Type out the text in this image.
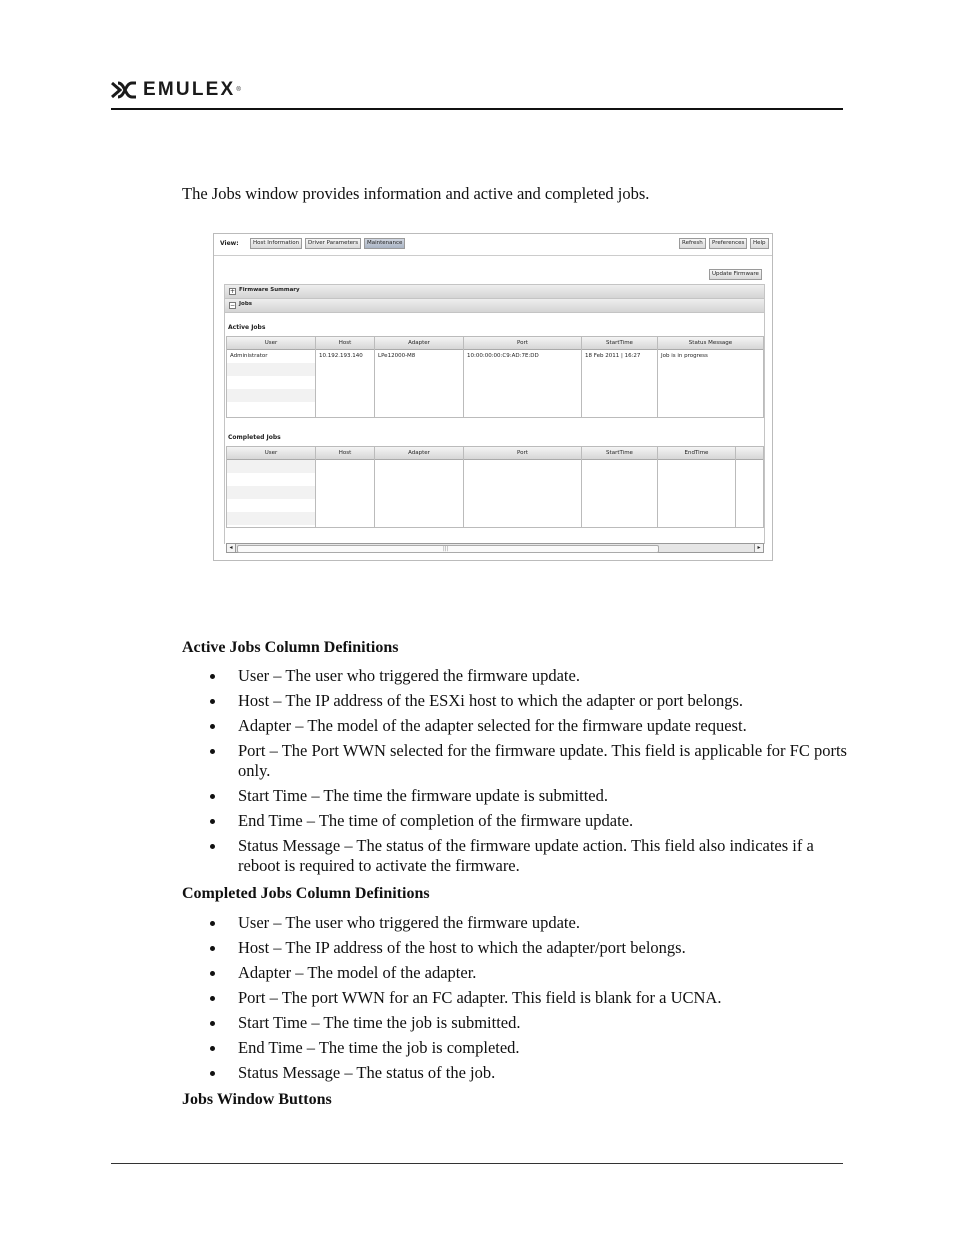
EMULEX ®
The Jobs window provides information and active and completed jobs.
View:	Host Information	Driver Parameters	Maintenance	Refresh	Preferences	Help
Update Firmware
+ Firmware Summary
− Jobs
Active Jobs
User	Host	Adapter	Port	StartTime	Status Message
Administrator	10.192.193.140	LPe12000-M8	10:00:00:00:C9:AD:7E:DD	18 Feb 2011 | 16:27	Job is in progress
Completed Jobs
User	Host	Adapter	Port	StartTime	EndTime
◂	|||	▸
Active Jobs Column Definitions
User – The user who triggered the firmware update.
Host – The IP address of the ESXi host to which the adapter or port belongs.
Adapter – The model of the adapter selected for the firmware update request.
Port – The Port WWN selected for the firmware update. This field is applicable for FC ports only.
Start Time – The time the firmware update is submitted.
End Time – The time of completion of the firmware update.
Status Message – The status of the firmware update action. This field also indicates if a reboot is required to activate the firmware.
Completed Jobs Column Definitions
User – The user who triggered the firmware update.
Host – The IP address of the host to which the adapter/port belongs.
Adapter – The model of the adapter.
Port – The port WWN for an FC adapter. This field is blank for a UCNA.
Start Time – The time the job is submitted.
End Time – The time the job is completed.
Status Message – The status of the job.
Jobs Window Buttons
